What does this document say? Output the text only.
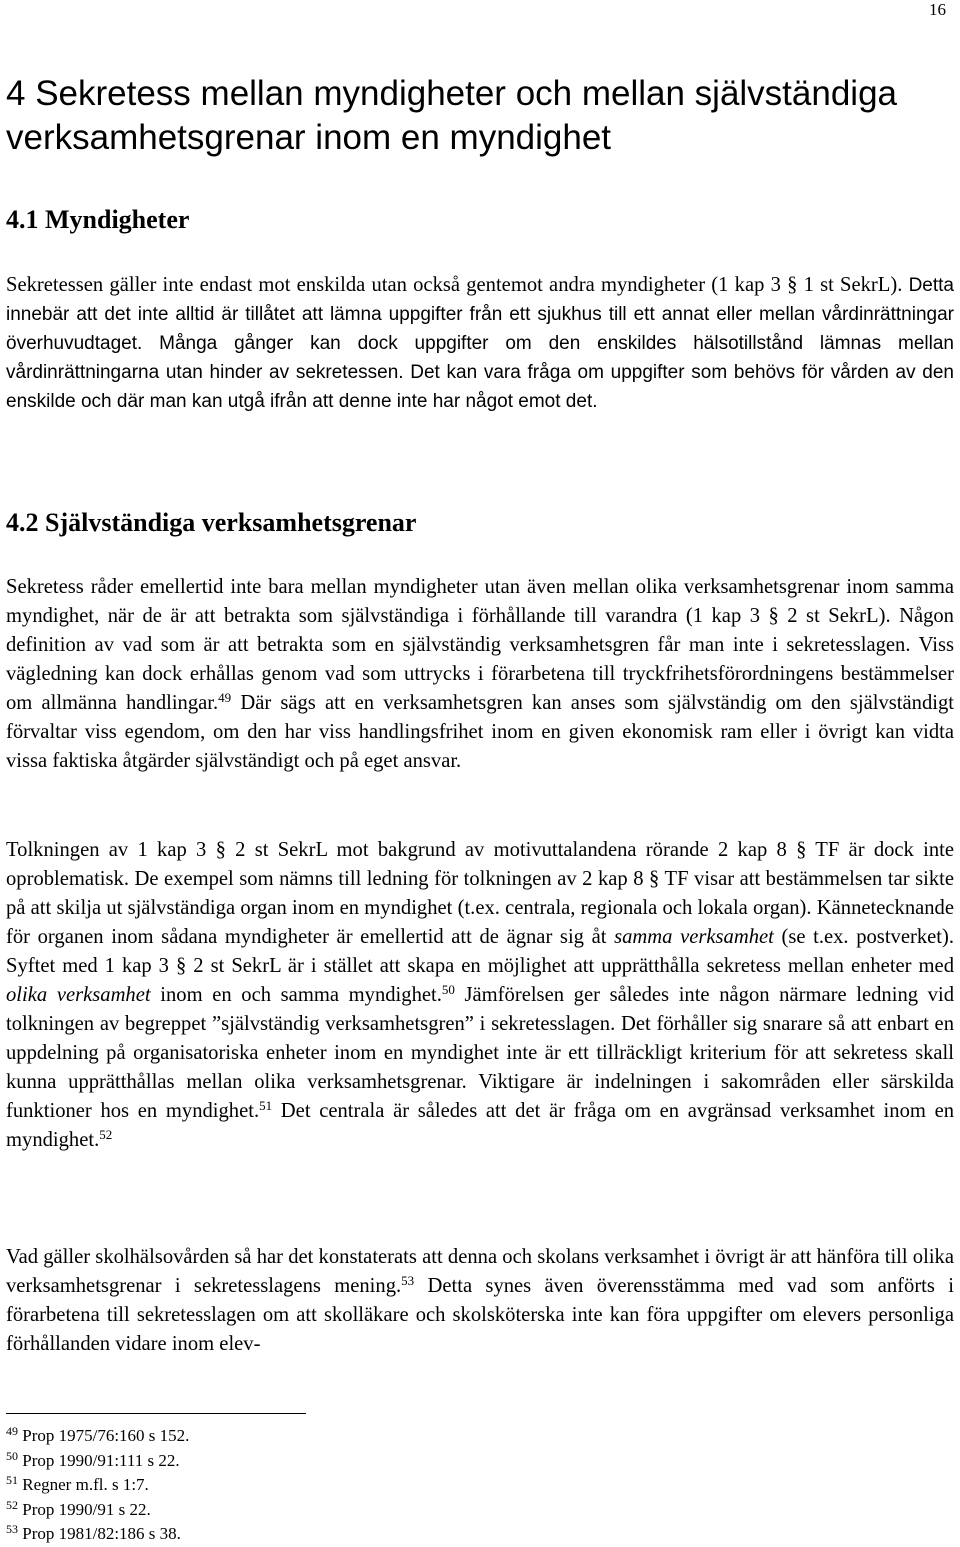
16
4 Sekretess mellan myndigheter och mellan självständiga verksamhetsgrenar inom en myndighet
4.1 Myndigheter

Sekretessen gäller inte endast mot enskilda utan också gentemot andra myndigheter (1 kap 3 § 1 st SekrL). Detta innebär att det inte alltid är tillåtet att lämna uppgifter från ett sjukhus till ett annat eller mellan vårdinrättningar överhuvudtaget. Många gånger kan dock uppgifter om den enskildes hälsotillstånd lämnas mellan vårdinrättningarna utan hinder av sekretessen. Det kan vara fråga om uppgifter som behövs för vården av den enskilde och där man kan utgå ifrån att denne inte har något emot det.

4.2 Självständiga verksamhetsgrenar

Sekretess råder emellertid inte bara mellan myndigheter utan även mellan olika verksamhetsgrenar inom samma myndighet, när de är att betrakta som självständiga i förhållande till varandra (1 kap 3 § 2 st SekrL). Någon definition av vad som är att betrakta som en självständig verksamhetsgren får man inte i sekretesslagen. Viss vägledning kan dock erhållas genom vad som uttrycks i förarbetena till tryckfrihetsförordningens bestämmelser om allmänna handlingar.$^{49}$ Där sägs att en verksamhetsgren kan anses som självständig om den självständigt förvaltar viss egendom, om den har viss handlingsfrihet inom en given ekonomisk ram eller i övrigt kan vidta vissa faktiska åtgärder självständigt och på eget ansvar.

Tolkningen av 1 kap 3 § 2 st SekrL mot bakgrund av motivuttalandena rörande 2 kap 8 § TF är dock inte oproblematisk. De exempel som nämns till ledning för tolkningen av 2 kap 8 § TF visar att bestämmelsen tar sikte på att skilja ut självständiga organ inom en myndighet (t.ex. centrala, regionala och lokala organ). Kännetecknande för organen inom sådana myndigheter är emellertid att de ägnar sig åt samma verksamhet (se t.ex. postverket). Syftet med 1 kap 3 § 2 st SekrL är i stället att skapa en möjlighet att upprätthålla sekretess mellan enheter med olika verksamhet inom en och samma myndighet.$^{50}$ Jämförelsen ger således inte någon närmare ledning vid tolkningen av begreppet ”självständig verksamhetsgren” i sekretesslagen. Det förhåller sig snarare så att enbart en uppdelning på organisatoriska enheter inom en myndighet inte är ett tillräckligt kriterium för att sekretess skall kunna upprätthållas mellan olika verksamhetsgrenar. Viktigare är indelningen i sakområden eller särskilda funktioner hos en myndighet.$^{51}$ Det centrala är således att det är fråga om en avgränsad verksamhet inom en myndighet.$^{52}$

Vad gäller skolhälsovården så har det konstaterats att denna och skolans verksamhet i övrigt är att hänföra till olika verksamhetsgrenar i sekretesslagens mening.$^{53}$ Detta synes även överensstämma med vad som anförts i förarbetena till sekretesslagen om att skolläkare och skolsköterska inte kan föra uppgifter om elevers personliga förhållanden vidare inom elev-

$^{49}$ Prop 1975/76:160 s 152.
$^{50}$ Prop 1990/91:111 s 22.
$^{51}$ Regner m.fl. s 1:7.
$^{52}$ Prop 1990/91 s 22.
$^{53}$ Prop 1981/82:186 s 38.
